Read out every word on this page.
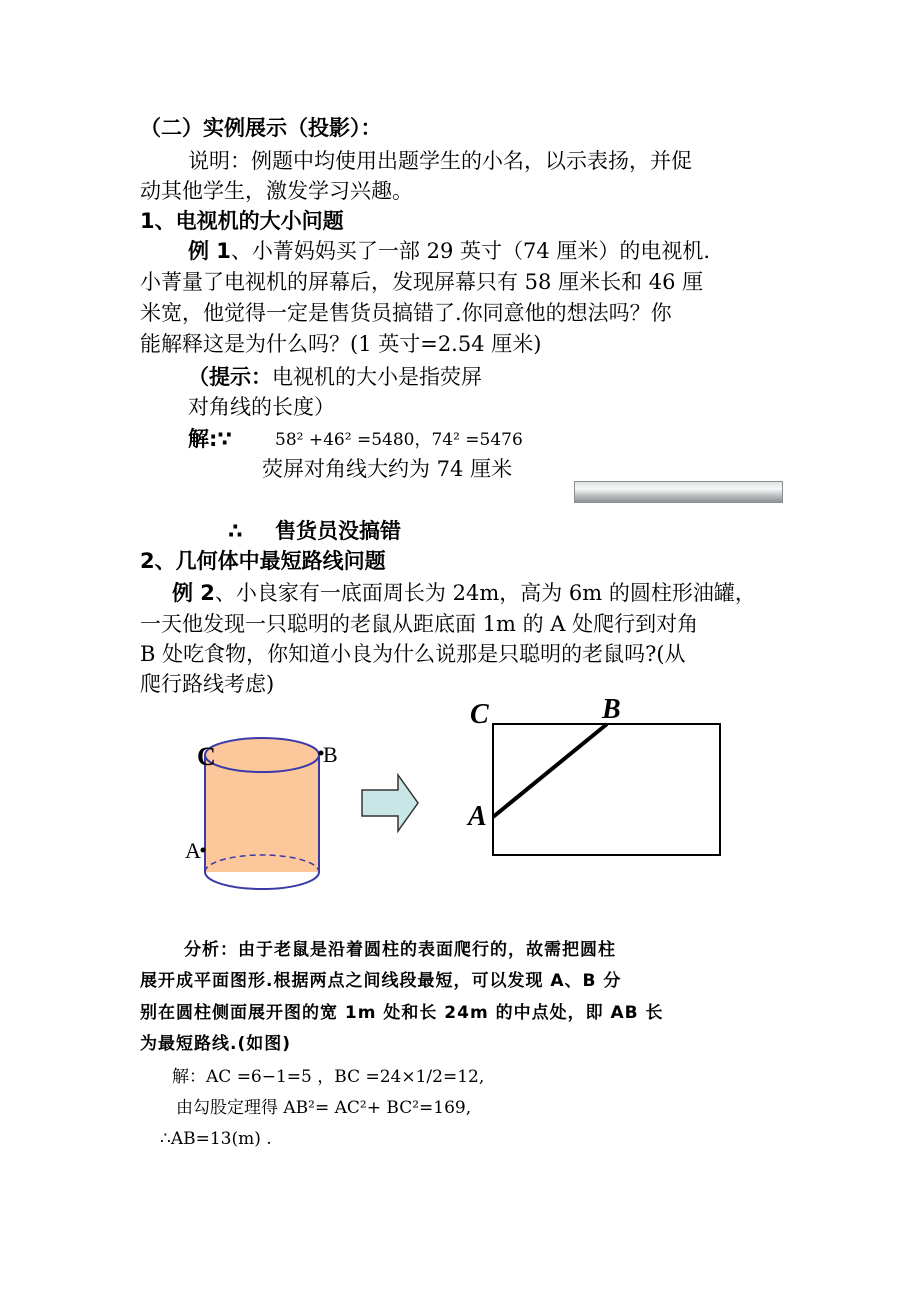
（二）实例展示（投影）：
说明：例题中均使用出题学生的小名，以示表扬，并促
动其他学生，激发学习兴趣。
1、电视机的大小问题
例 1、小菁妈妈买了一部 29 英寸（74 厘米）的电视机.
小菁量了电视机的屏幕后，发现屏幕只有 58 厘米长和 46 厘
米宽，他觉得一定是售货员搞错了.你同意他的想法吗？你
能解释这是为什么吗？(1 英寸=2.54 厘米)
（提示：电视机的大小是指荧屏
对角线的长度）
解:∵	58² +46² =5480，74² =5476
荧屏对角线大约为 74 厘米
∴ 售货员没搞错
2、几何体中最短路线问题
例 2、小良家有一底面周长为 24m，高为 6m 的圆柱形油罐，
一天他发现一只聪明的老鼠从距底面 1m 的 A 处爬行到对角
B 处吃食物，你知道小良为什么说那是只聪明的老鼠吗?(从
爬行路线考虑)
C	B
A
C	B
A
分析：由于老鼠是沿着圆柱的表面爬行的，故需把圆柱
展开成平面图形.根据两点之间线段最短，可以发现 A、B 分
别在圆柱侧面展开图的宽 1m 处和长 24m 的中点处，即 AB 长
为最短路线.(如图)
解：AC =6−1=5 ，BC =24×1/2=12,
由勾股定理得 AB²= AC²+ BC²=169,
∴AB=13(m) .
